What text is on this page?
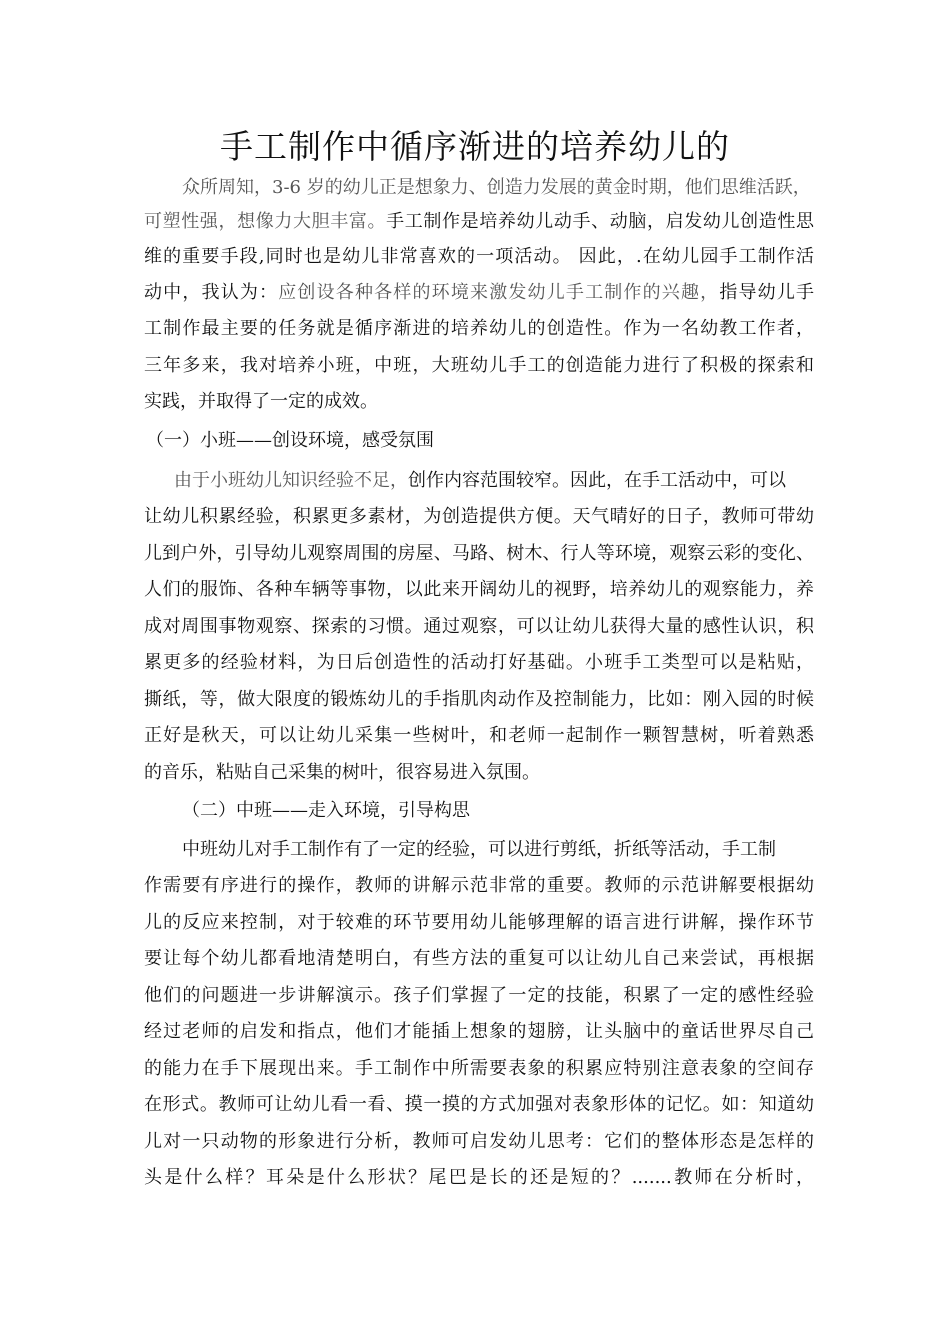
手工制作中循序渐进的培养幼儿的
众所周知，3-6 岁的幼儿正是想象力、创造力发展的黄金时期，他们思维活跃，
可塑性强，想像力大胆丰富。手工制作是培养幼儿动手、动脑，启发幼儿创造性思
维的重要手段,同时也是幼儿非常喜欢的一项活动。 因此，.在幼儿园手工制作活
动中，我认为：应创设各种各样的环境来激发幼儿手工制作的兴趣，指导幼儿手
工制作最主要的任务就是循序渐进的培养幼儿的创造性。作为一名幼教工作者，
三年多来，我对培养小班，中班，大班幼儿手工的创造能力进行了积极的探索和
实践，并取得了一定的成效。
（一）小班——创设环境，感受氛围
由于小班幼儿知识经验不足，创作内容范围较窄。因此，在手工活动中，可以
让幼儿积累经验，积累更多素材，为创造提供方便。天气晴好的日子，教师可带幼
儿到户外，引导幼儿观察周围的房屋、马路、树木、行人等环境，观察云彩的变化、
人们的服饰、各种车辆等事物，以此来开阔幼儿的视野，培养幼儿的观察能力，养
成对周围事物观察、探索的习惯。通过观察，可以让幼儿获得大量的感性认识，积
累更多的经验材料，为日后创造性的活动打好基础。小班手工类型可以是粘贴，
撕纸，等，做大限度的锻炼幼儿的手指肌肉动作及控制能力，比如：刚入园的时候
正好是秋天，可以让幼儿采集一些树叶，和老师一起制作一颗智慧树，听着熟悉
的音乐，粘贴自己采集的树叶，很容易进入氛围。
（二）中班——走入环境，引导构思
中班幼儿对手工制作有了一定的经验，可以进行剪纸，折纸等活动，手工制
作需要有序进行的操作，教师的讲解示范非常的重要。教师的示范讲解要根据幼
儿的反应来控制，对于较难的环节要用幼儿能够理解的语言进行讲解，操作环节
要让每个幼儿都看地清楚明白，有些方法的重复可以让幼儿自己来尝试，再根据
他们的问题进一步讲解演示。孩子们掌握了一定的技能，积累了一定的感性经验
经过老师的启发和指点，他们才能插上想象的翅膀，让头脑中的童话世界尽自己
的能力在手下展现出来。手工制作中所需要表象的积累应特别注意表象的空间存
在形式。教师可让幼儿看一看、摸一摸的方式加强对表象形体的记忆。如：知道幼
儿对一只动物的形象进行分析，教师可启发幼儿思考：它们的整体形态是怎样的
头是什么样？耳朵是什么形状？尾巴是长的还是短的？.......教师在分析时，
